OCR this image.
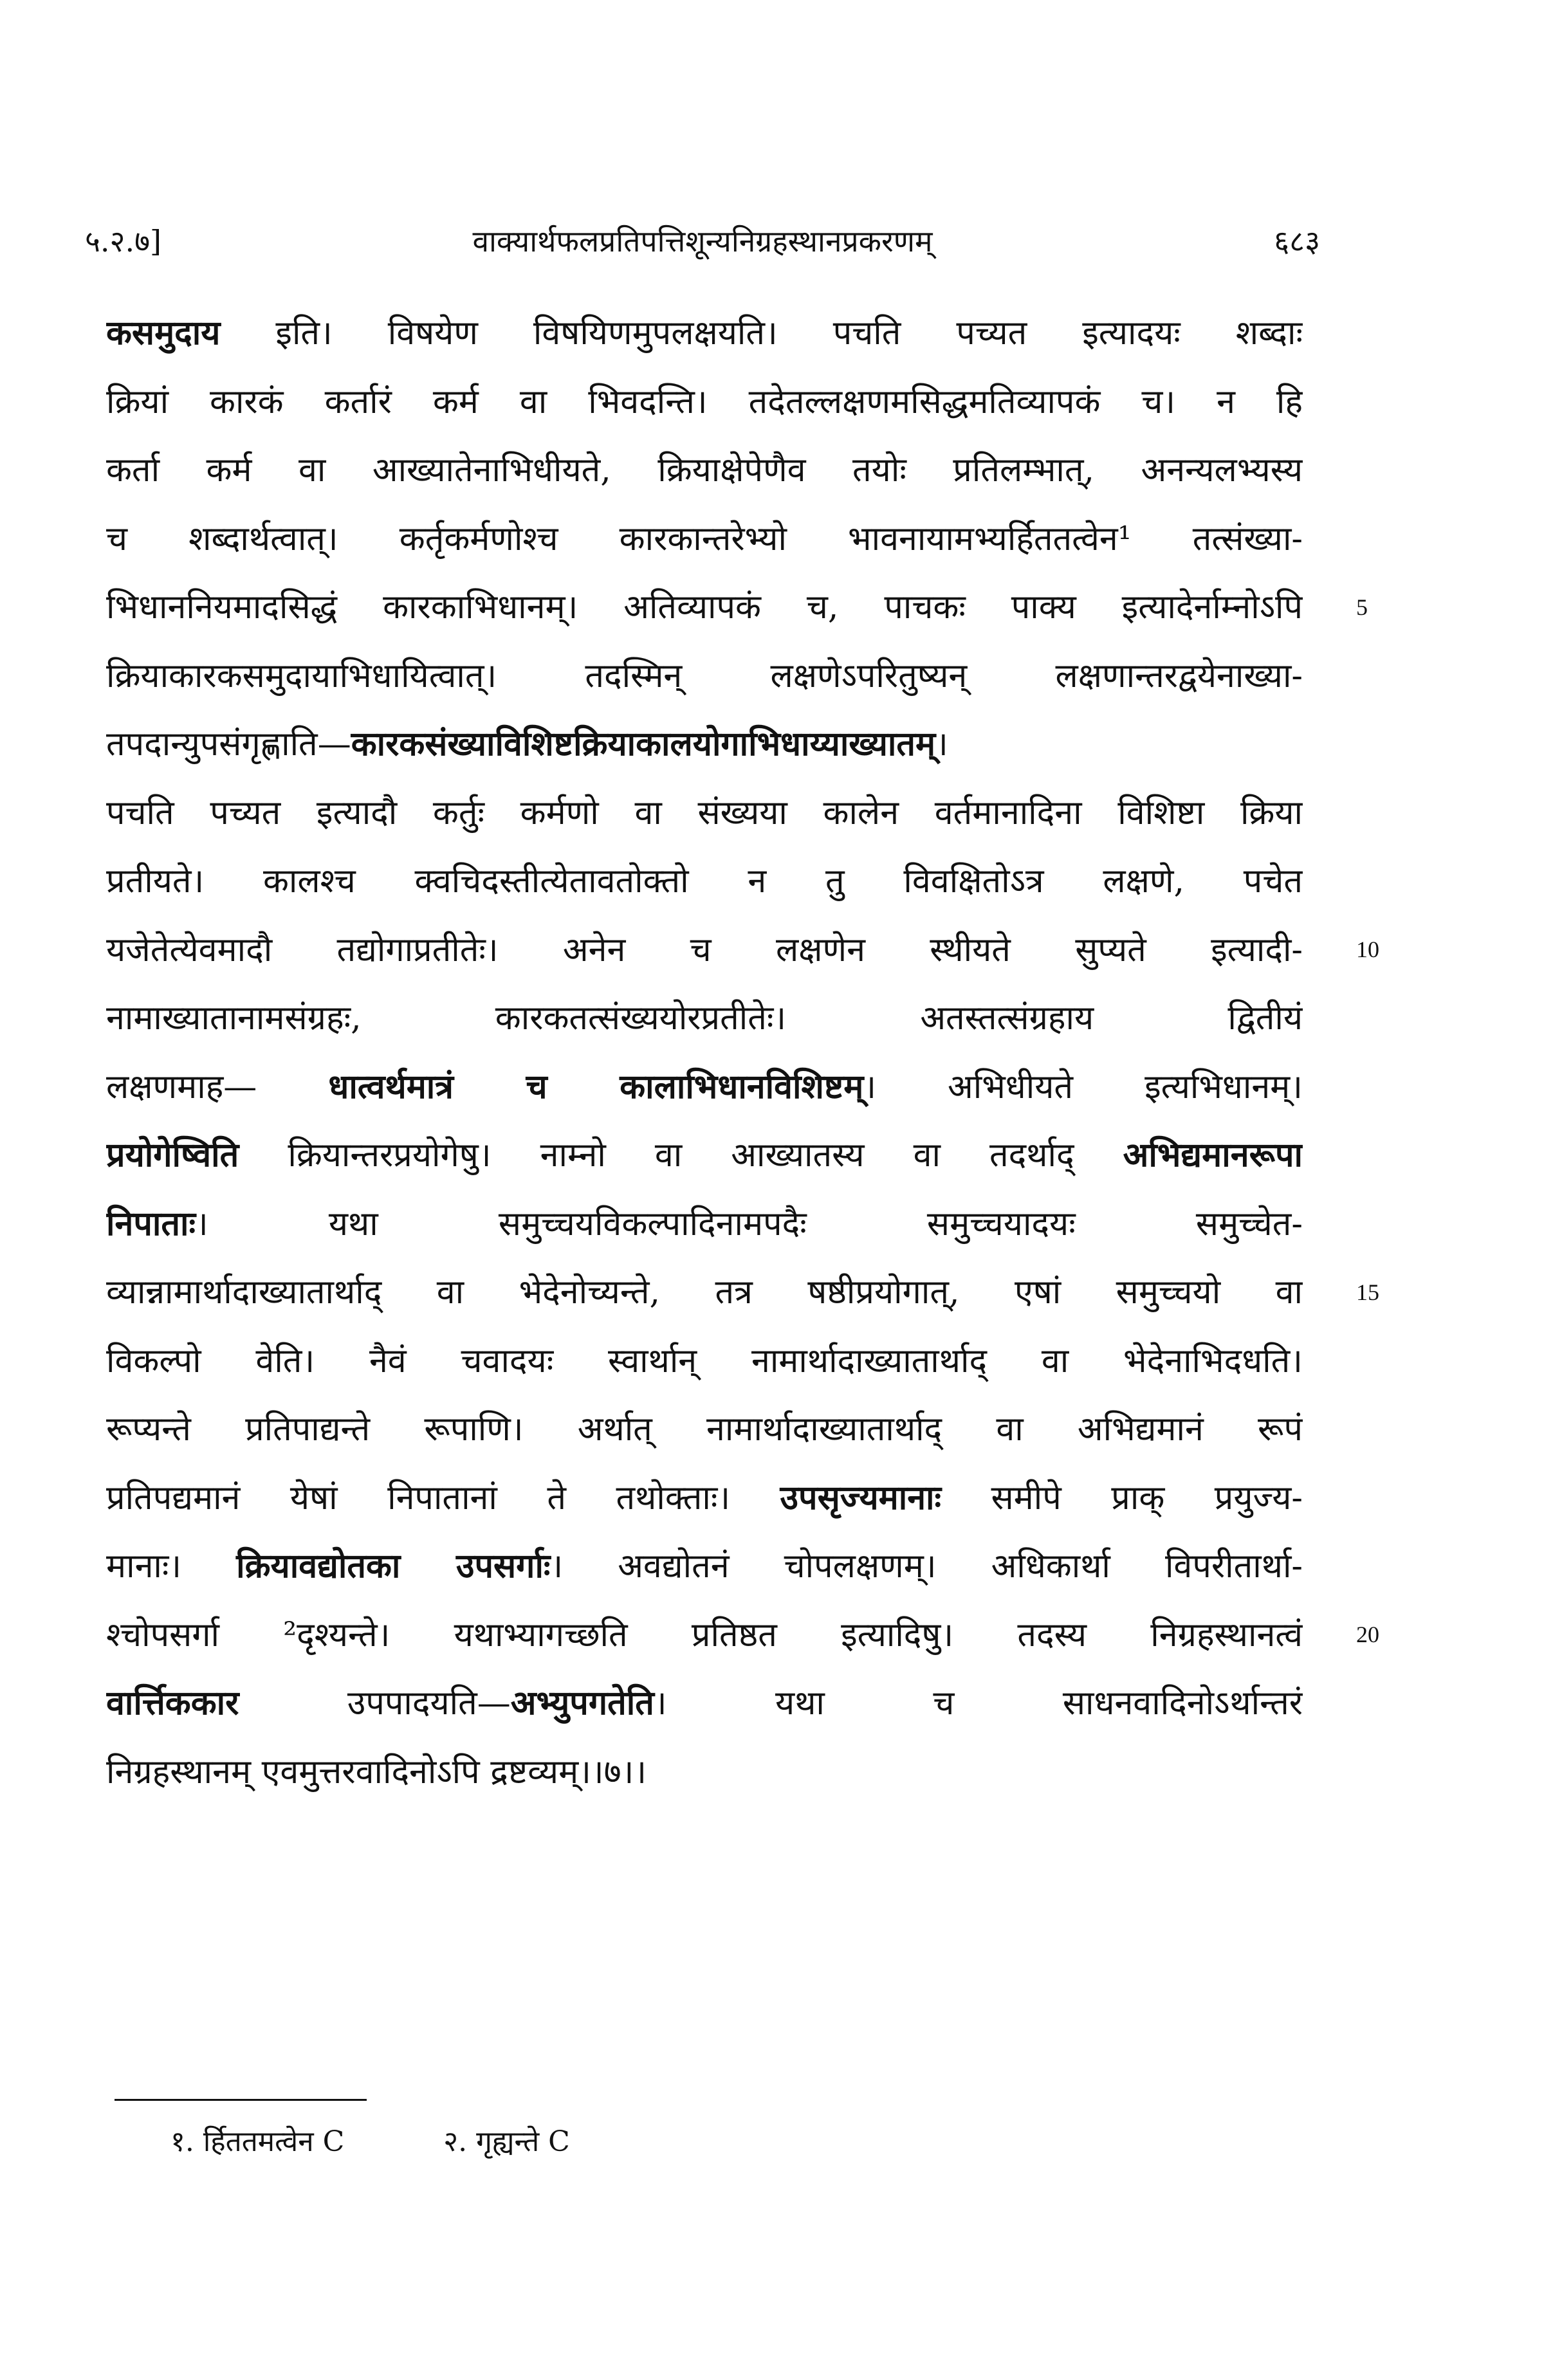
५.२.७]	वाक्यार्थफलप्रतिपत्तिशून्यनिग्रहस्थानप्रकरणम्	६८३
कसमुदाय इति। विषयेण विषयिणमुपलक्षयति। पचति पच्यत इत्यादयः शब्दाः
क्रियां कारकं कर्तारं कर्म वा भिवदन्ति। तदेतल्लक्षणमसिद्धमतिव्यापकं च। न हि
कर्ता कर्म वा आख्यातेनाभिधीयते, क्रियाक्षेपेणैव तयोः प्रतिलम्भात्, अनन्यलभ्यस्य
च शब्दार्थत्वात्। कर्तृकर्मणोश्च कारकान्तरेभ्यो भावनायामभ्यर्हिततत्वेन¹ तत्संख्या-
भिधाननियमादसिद्धं कारकाभिधानम्। अतिव्यापकं च, पाचकः पाक्य इत्यादेर्नाम्नोऽपि
क्रियाकारकसमुदायाभिधायित्वात्। तदस्मिन् लक्षणेऽपरितुष्यन् लक्षणान्तरद्वयेनाख्या-
तपदान्युपसंगृह्णाति—कारकसंख्याविशिष्टक्रियाकालयोगाभिधाय्याख्यातम्।
पचति पच्यत इत्यादौ कर्तुः कर्मणो वा संख्यया कालेन वर्तमानादिना विशिष्टा क्रिया
प्रतीयते। कालश्च क्वचिदस्तीत्येतावतोक्तो न तु विवक्षितोऽत्र लक्षणे, पचेत
यजेतेत्येवमादौ तद्योगाप्रतीतेः। अनेन च लक्षणेन स्थीयते सुप्यते इत्यादी-
नामाख्यातानामसंग्रहः, कारकतत्संख्ययोरप्रतीतेः। अतस्तत्संग्रहाय द्वितीयं
लक्षणमाह— धात्वर्थमात्रं च कालाभिधानविशिष्टम्। अभिधीयते इत्यभिधानम्।
प्रयोगेष्विति क्रियान्तरप्रयोगेषु। नाम्नो वा आख्यातस्य वा तदर्थाद् अभिद्यमानरूपा
निपाताः। यथा समुच्चयविकल्पादिनामपदैः समुच्चयादयः समुच्चेत-
व्यान्नामार्थादाख्यातार्थाद् वा भेदेनोच्यन्ते, तत्र षष्ठीप्रयोगात्, एषां समुच्चयो वा
विकल्पो वेति। नैवं चवादयः स्वार्थान् नामार्थादाख्यातार्थाद् वा भेदेनाभिदधति।
रूप्यन्ते प्रतिपाद्यन्ते रूपाणि। अर्थात् नामार्थादाख्यातार्थाद् वा अभिद्यमानं रूपं
प्रतिपद्यमानं येषां निपातानां ते तथोक्ताः। उपसृज्यमानाः समीपे प्राक् प्रयुज्य-
मानाः। क्रियावद्योतका उपसर्गाः। अवद्योतनं चोपलक्षणम्। अधिकार्था विपरीतार्था-
श्चोपसर्गा ²दृश्यन्ते। यथाभ्यागच्छति प्रतिष्ठत इत्यादिषु। तदस्य निग्रहस्थानत्वं
वार्त्तिककार उपपादयति—अभ्युपगतेति। यथा च साधनवादिनोऽर्थान्तरं
निग्रहस्थानम् एवमुत्तरवादिनोऽपि द्रष्टव्यम्।।७।।
5
10
15
20
१. र्हिततमत्वेन C	२. गृह्यन्ते C
